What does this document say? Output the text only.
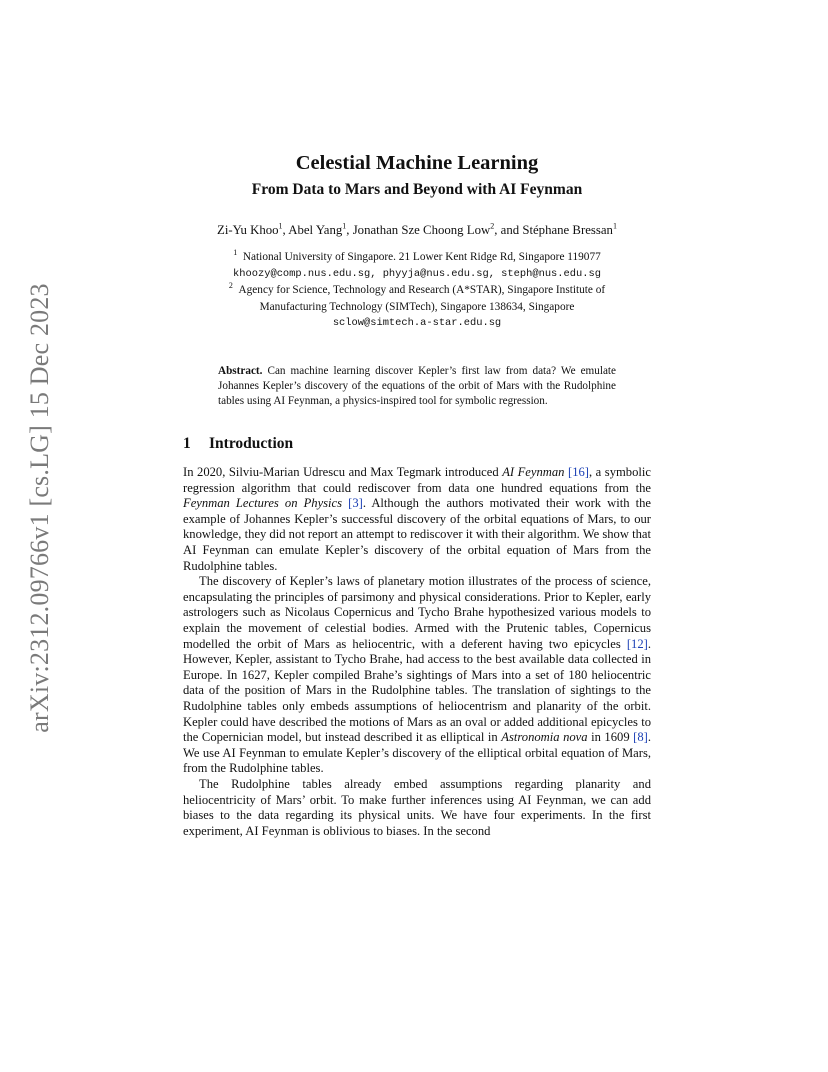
arXiv:2312.09766v1 [cs.LG] 15 Dec 2023
Celestial Machine Learning
From Data to Mars and Beyond with AI Feynman
Zi-Yu Khoo$^1$, Abel Yang$^1$, Jonathan Sze Choong Low$^2$, and Stéphane Bressan$^1$

$^1$ National University of Singapore. 21 Lower Kent Ridge Rd, Singapore 119077

khoozy@comp.nus.edu.sg, phyyja@nus.edu.sg, steph@nus.edu.sg

$^2$ Agency for Science, Technology and Research (A*STAR), Singapore Institute of

Manufacturing Technology (SIMTech), Singapore 138634, Singapore

sclow@simtech.a-star.edu.sg

Abstract. Can machine learning discover Kepler’s first law from data? We emulate Johannes Kepler’s discovery of the equations of the orbit of Mars with the Rudolphine tables using AI Feynman, a physics-inspired tool for symbolic regression.
1 Introduction

In 2020, Silviu-Marian Udrescu and Max Tegmark introduced AI Feynman [16], a symbolic regression algorithm that could rediscover from data one hundred equations from the Feynman Lectures on Physics [3]. Although the authors motivated their work with the example of Johannes Kepler’s successful discovery of the orbital equations of Mars, to our knowledge, they did not report an attempt to rediscover it with their algorithm. We show that AI Feynman can emulate Kepler’s discovery of the orbital equation of Mars from the Rudolphine tables.

The discovery of Kepler’s laws of planetary motion illustrates of the process of science, encapsulating the principles of parsimony and physical considerations. Prior to Kepler, early astrologers such as Nicolaus Copernicus and Tycho Brahe hypothesized various models to explain the movement of celestial bodies. Armed with the Prutenic tables, Copernicus modelled the orbit of Mars as heliocentric, with a deferent having two epicycles [12]. However, Kepler, assistant to Tycho Brahe, had access to the best available data collected in Europe. In 1627, Kepler compiled Brahe’s sightings of Mars into a set of 180 heliocentric data of the position of Mars in the Rudolphine tables. The translation of sightings to the Rudolphine tables only embeds assumptions of heliocentrism and planarity of the orbit. Kepler could have described the motions of Mars as an oval or added additional epicycles to the Copernician model, but instead described it as elliptical in Astronomia nova in 1609 [8]. We use AI Feynman to emulate Kepler’s discovery of the elliptical orbital equation of Mars, from the Rudolphine tables.

The Rudolphine tables already embed assumptions regarding planarity and heliocentricity of Mars’ orbit. To make further inferences using AI Feynman, we can add biases to the data regarding its physical units. We have four experiments. In the first experiment, AI Feynman is oblivious to biases. In the second
